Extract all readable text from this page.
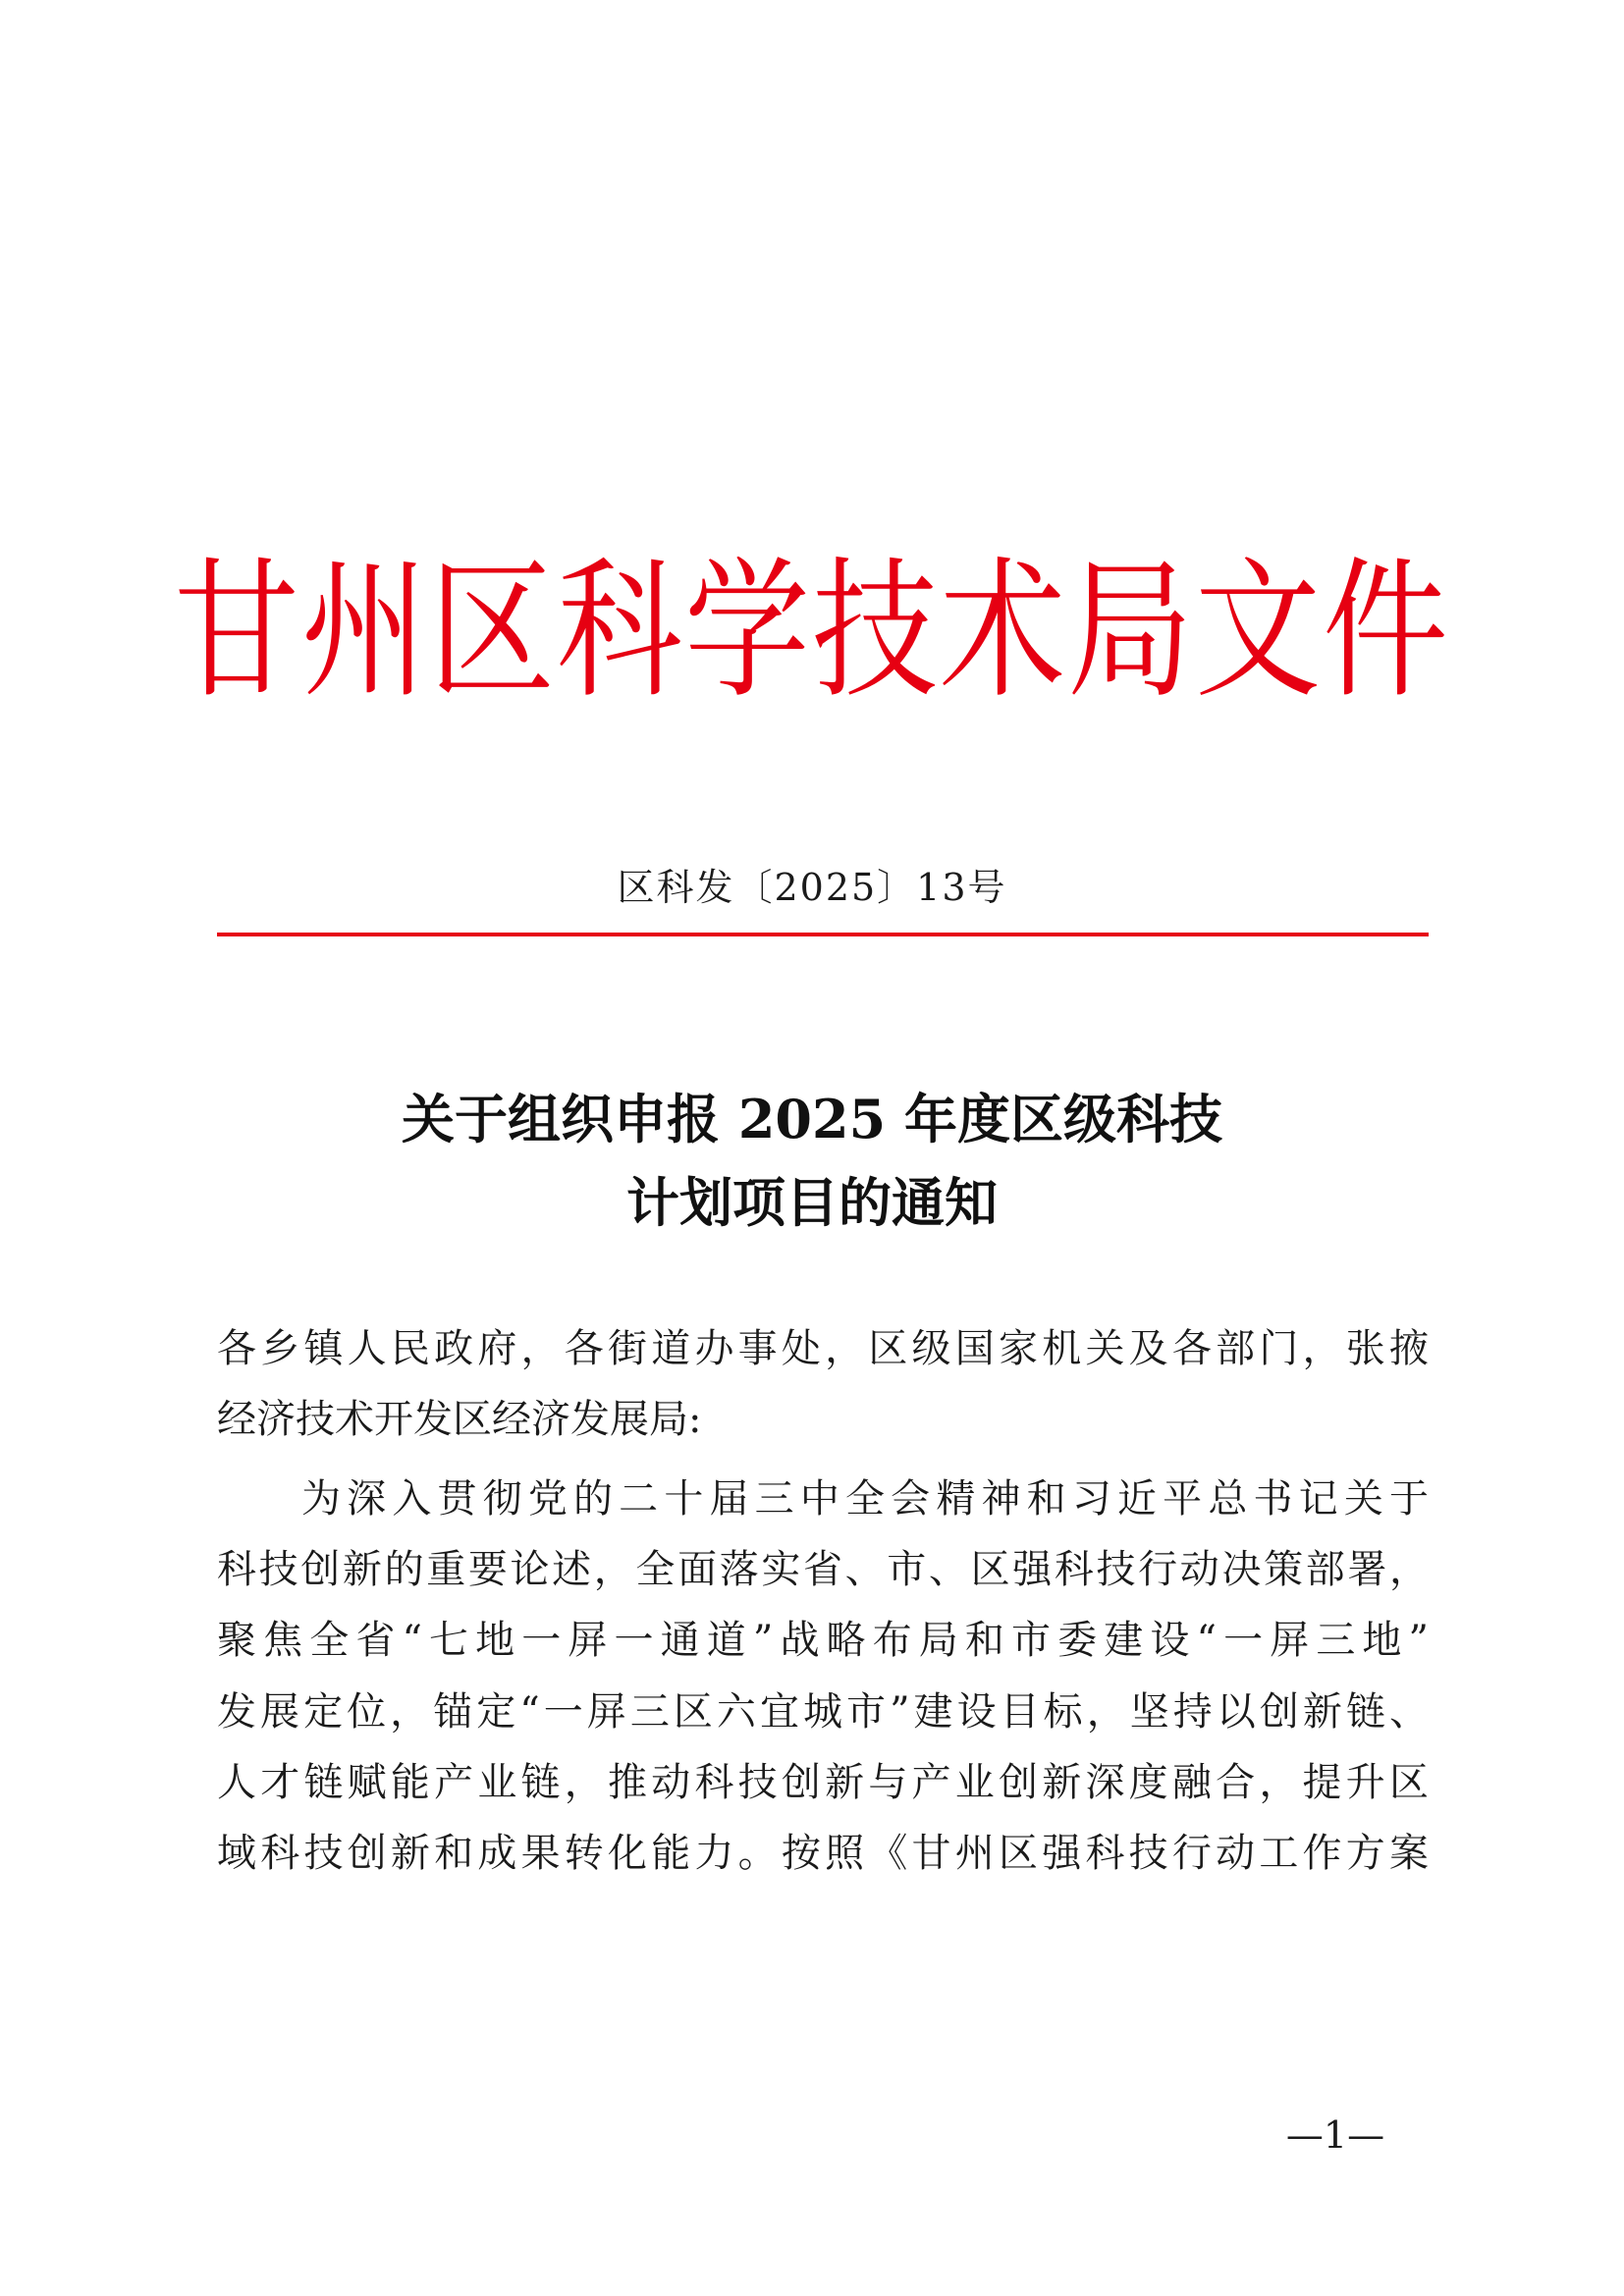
甘州区科学技术局文件
区科发〔2025〕13号
关于组织申报 2025 年度区级科技
计划项目的通知
各乡镇人民政府，各街道办事处，区级国家机关及各部门，张掖
经济技术开发区经济发展局:
为深入贯彻党的二十届三中全会精神和习近平总书记关于
科技创新的重要论述，全面落实省、市、区强科技行动决策部署，
聚焦全省“七地一屏一通道”战略布局和市委建设“一屏三地”
发展定位，锚定“一屏三区六宜城市”建设目标，坚持以创新链、
人才链赋能产业链，推动科技创新与产业创新深度融合，提升区
域科技创新和成果转化能力。按照《甘州区强科技行动工作方案
—1—
